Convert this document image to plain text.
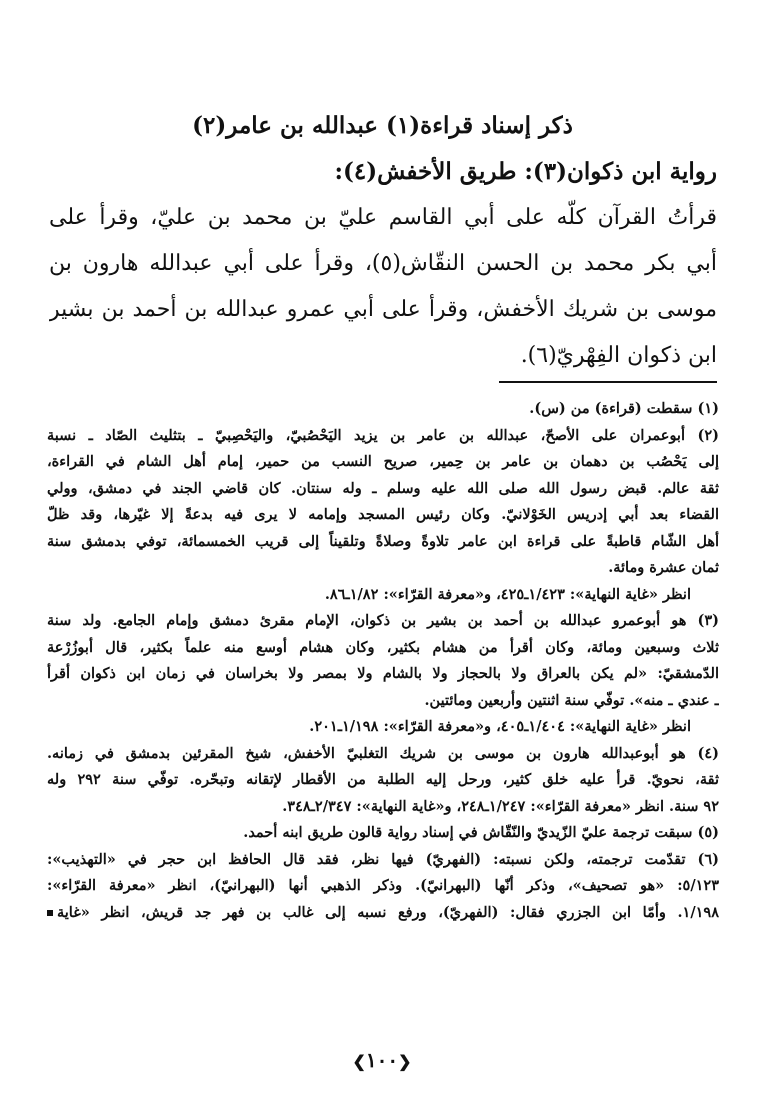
ذكر إسناد قراءة(١) عبدالله بن عامر(٢)
رواية ابن ذكوان(٣): طريق الأخفش(٤):
قرأتُ القرآن كلّه على أبي القاسم عليّ بن محمد بن عليّ، وقرأ على
أبي بكر محمد بن الحسن النقّاش(٥)، وقرأ على أبي عبدالله هارون بن
موسى بن شريك الأخفش، وقرأ على أبي عمرو عبدالله بن أحمد بن بشير
ابن ذكوان الفِهْريّ(٦).
(١) سقطت (قراءة) من (س).
(٢) أبوعمران على الأصحّ، عبدالله بن عامر بن يزيد اليَحْصُبيّ، واليَحْصِبيّ ـ بتثليث الصّاد ـ نسبة
إلى يَحْصُب بن دهمان بن عامر بن حِمير، صريح النسب من حمير، إمام أهل الشام في القراءة،
ثقة عالم. قبض رسول الله صلى الله عليه وسلم ـ وله سنتان. كان قاضي الجند في دمشق، وولي
القضاء بعد أبي إدريس الخَوْلانيّ. وكان رئيس المسجد وإمامه لا يرى فيه بدعةً إلا غيّرها، وقد ظلّ
أهل الشّام قاطبةً على قراءة ابن عامر تلاوةً وصلاةً وتلقيناً إلى قريب الخمسمائة، توفي بدمشق سنة
ثمان عشرة ومائة.
انظر «غاية النهاية»: ١/٤٢٣ـ٤٢٥، و«معرفة القرّاء»: ١/٨٢ـ٨٦.
(٣) هو أبوعمرو عبدالله بن أحمد بن بشير بن ذكوان، الإمام مقرئ دمشق وإمام الجامع. ولد سنة
ثلاث وسبعين ومائة، وكان أقرأ من هشام بكثير، وكان هشام أوسع منه علماً بكثير، قال أبوزُرْعة
الدّمشقيّ: «لم يكن بالعراق ولا بالحجاز ولا بالشام ولا بمصر ولا بخراسان في زمان ابن ذكوان أقرأ
ـ عندي ـ منه». توفّي سنة اثنتين وأربعين ومائتين.
انظر «غاية النهاية»: ١/٤٠٤ـ٤٠٥، و«معرفة القرّاء»: ١/١٩٨ـ٢٠١.
(٤) هو أبوعبدالله هارون بن موسى بن شريك التغلبيّ الأخفش، شيخ المقرئين بدمشق في زمانه.
ثقة، نحويّ. قرأ عليه خلق كثير، ورحل إليه الطلبة من الأقطار لإتقانه وتبحّره. توفّي سنة ٢٩٢ وله
٩٢ سنة. انظر «معرفة القرّاء»: ١/٢٤٧ـ٢٤٨، و«غاية النهاية»: ٢/٣٤٧ـ٣٤٨.
(٥) سبقت ترجمة عليّ الزّيديّ والنّقّاش في إسناد رواية قالون طريق ابنه أحمد.
(٦) تقدّمت ترجمته، ولكن نسبته: (الفهريّ) فيها نظر، فقد قال الحافظ ابن حجر في «التهذيب»:
٥/١٢٣: «هو تصحيف»، وذكر أنّها (البهرانيّ). وذكر الذهبي أنها (البهرانيّ)، انظر «معرفة القرّاء»:
١/١٩٨. وأمّا ابن الجزري فقال: (الفهريّ)، ورفع نسبه إلى غالب بن فهر جد قريش، انظر «غاية
❮١٠٠❯
